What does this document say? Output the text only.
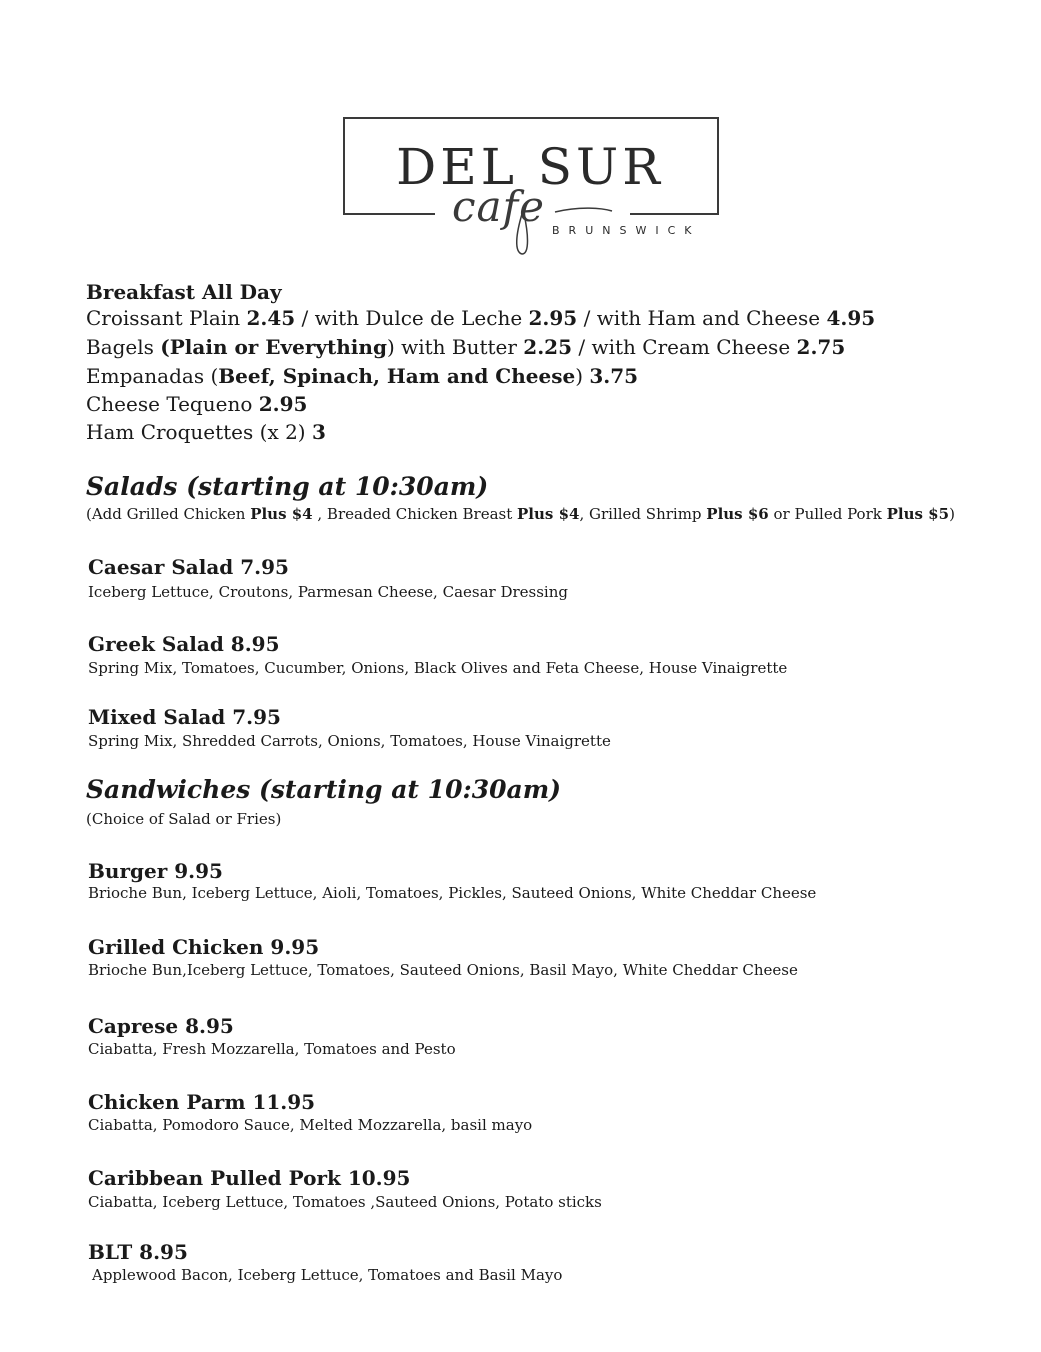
DEL SUR
cafe BRUNSWICK
Breakfast All Day
Croissant Plain 2.45 / with Dulce de Leche 2.95 / with Ham and Cheese 4.95
Bagels (Plain or Everything) with Butter 2.25 / with Cream Cheese 2.75
Empanadas (Beef, Spinach, Ham and Cheese) 3.75
Cheese Tequeno 2.95
Ham Croquettes (x 2) 3
Salads (starting at 10:30am)
(Add Grilled Chicken Plus $4 , Breaded Chicken Breast Plus $4, Grilled Shrimp Plus $6 or Pulled Pork Plus $5)
Caesar Salad 7.95
Iceberg Lettuce, Croutons, Parmesan Cheese, Caesar Dressing
Greek Salad 8.95
Spring Mix, Tomatoes, Cucumber, Onions, Black Olives and Feta Cheese, House Vinaigrette
Mixed Salad 7.95
Spring Mix, Shredded Carrots, Onions, Tomatoes, House Vinaigrette
Sandwiches (starting at 10:30am)
(Choice of Salad or Fries)
Burger 9.95
Brioche Bun, Iceberg Lettuce, Aioli, Tomatoes, Pickles, Sauteed Onions, White Cheddar Cheese
Grilled Chicken 9.95
Brioche Bun,Iceberg Lettuce, Tomatoes, Sauteed Onions, Basil Mayo, White Cheddar Cheese
Caprese 8.95
Ciabatta, Fresh Mozzarella, Tomatoes and Pesto
Chicken Parm 11.95
Ciabatta, Pomodoro Sauce, Melted Mozzarella, basil mayo
Caribbean Pulled Pork 10.95
Ciabatta, Iceberg Lettuce, Tomatoes ,Sauteed Onions, Potato sticks
BLT 8.95
Applewood Bacon, Iceberg Lettuce, Tomatoes and Basil Mayo
